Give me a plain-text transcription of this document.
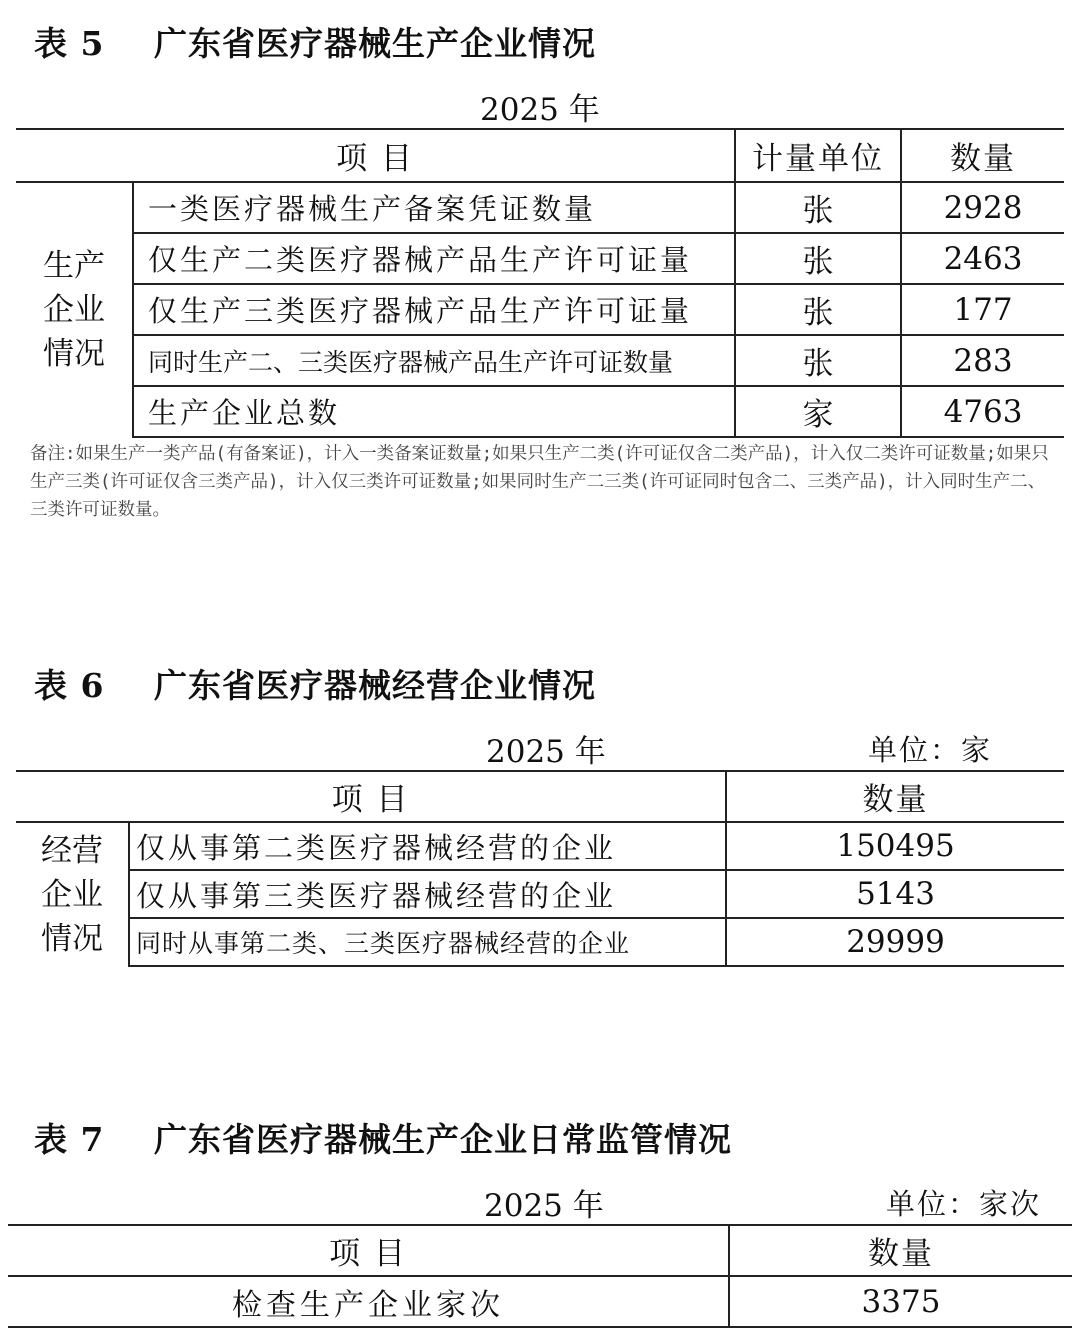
表 5 广东省医疗器械生产企业情况
2025 年
项 目		计量单位	数量

生产
企业
情况	一类医疗器械生产备案凭证数量	张	2928
	仅生产二类医疗器械产品生产许可证量	张	2463
	仅生产三类医疗器械产品生产许可证量	张	177
	同时生产二、三类医疗器械产品生产许可证数量	张	283
	生产企业总数	家	4763
备注:如果生产一类产品(有备案证)，计入一类备案证数量;如果只生产二类(许可证仅含二类产品)，计入仅二类许可证数量;如果只生产三类(许可证仅含三类产品)，计入仅三类许可证数量;如果同时生产二三类(许可证同时包含二、三类产品)，计入同时生产二、三类许可证数量。
表 6 广东省医疗器械经营企业情况
2025 年	单位：家
项 目		数量

经营
企业
情况	仅从事第二类医疗器械经营的企业	150495
	仅从事第三类医疗器械经营的企业	5143
	同时从事第二类、三类医疗器械经营的企业	29999
表 7 广东省医疗器械生产企业日常监管情况
2025 年	单位：家次
项 目	数量
检查生产企业家次	3375
